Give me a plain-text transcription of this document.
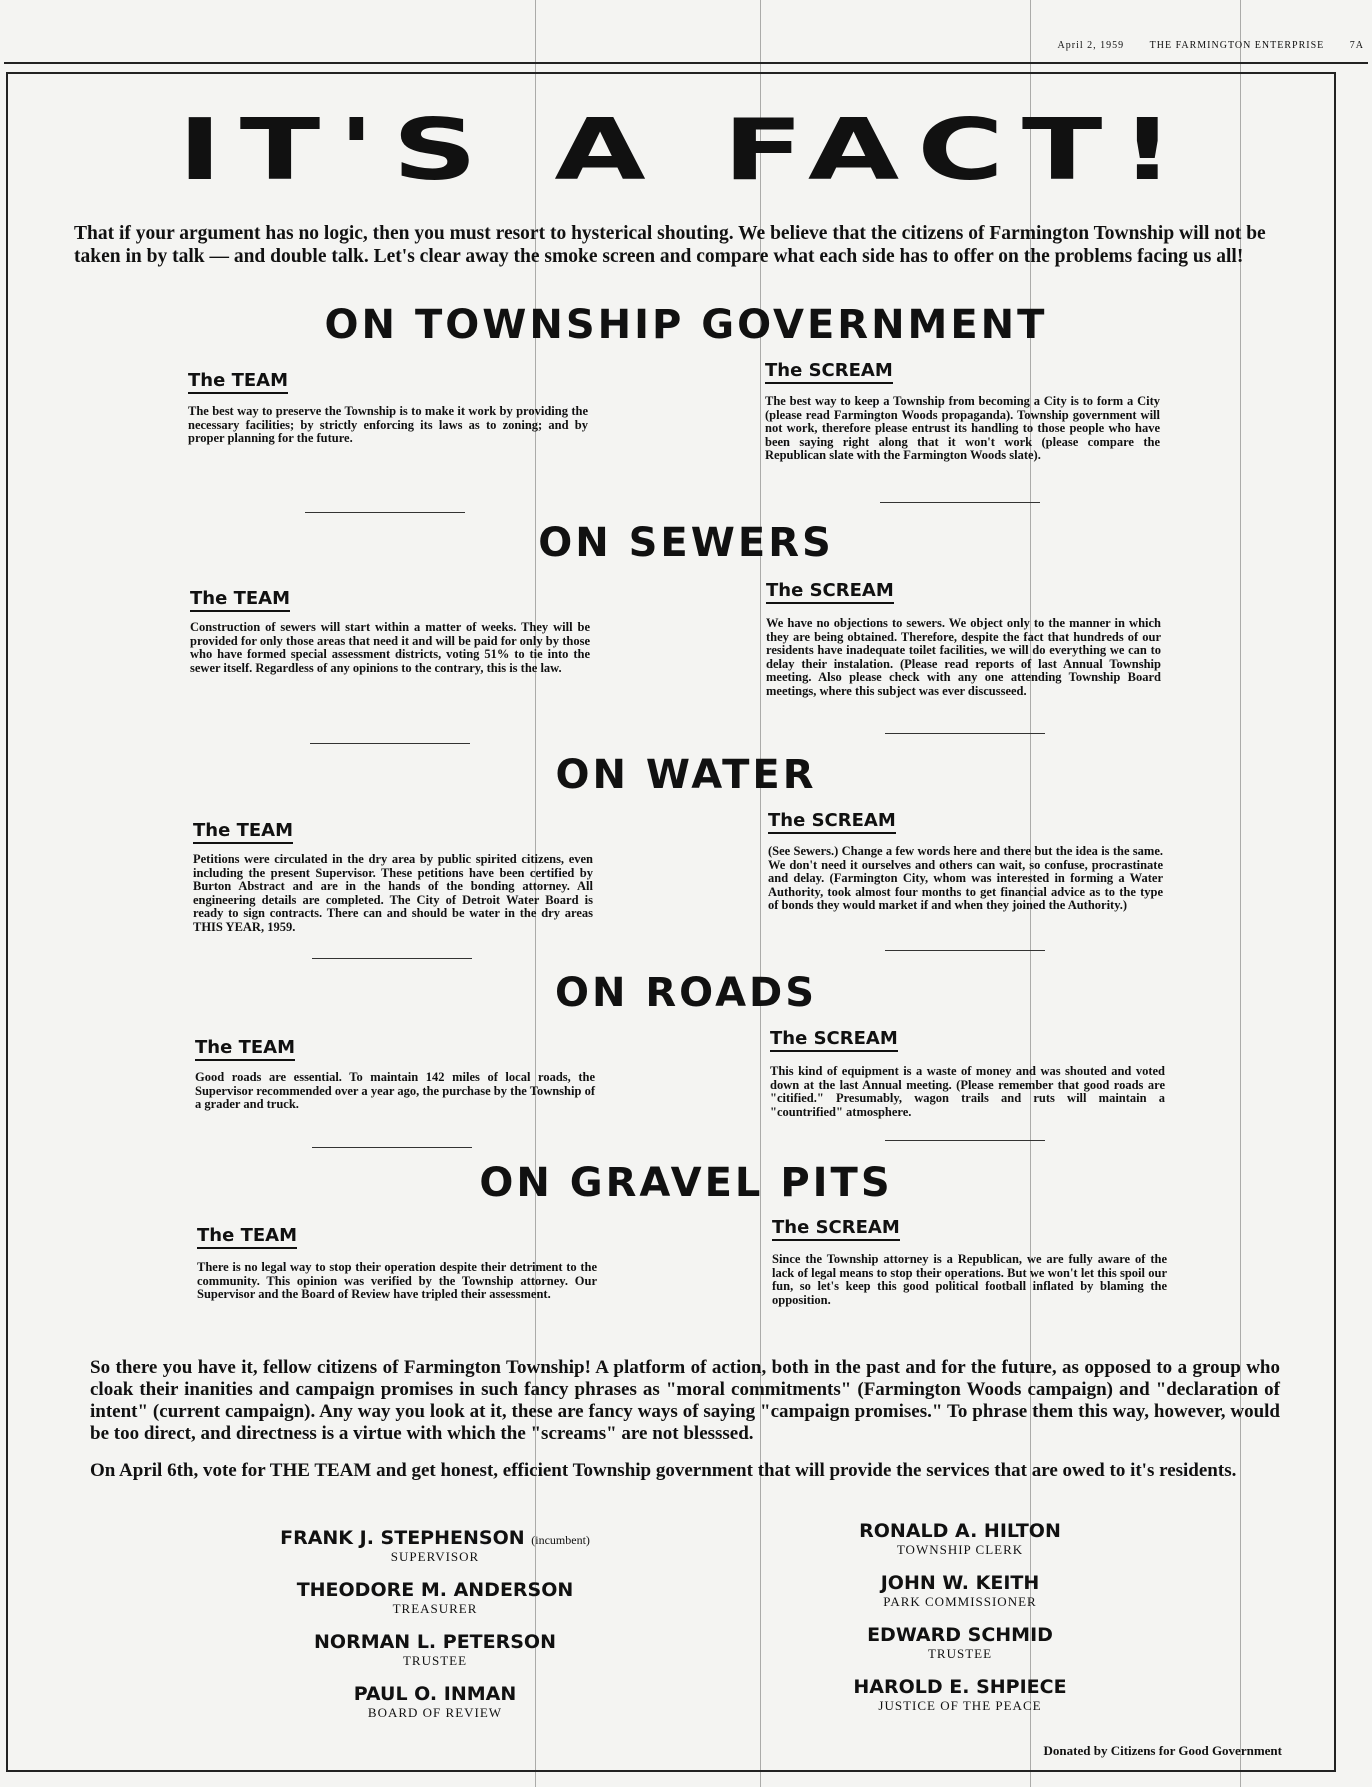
April 2, 1959	THE FARMINGTON ENTERPRISE	7A
IT'S A FACT!
That if your argument has no logic, then you must resort to hysterical shouting. We believe that the citizens of Farmington Township will not be taken in by talk — and double talk. Let's clear away the smoke screen and compare what each side has to offer on the problems facing us all!
ON TOWNSHIP GOVERNMENT
The TEAM
The best way to preserve the Township is to make it work by providing the necessary facilities; by strictly enforcing its laws as to zoning; and by proper planning for the future.
The SCREAM
The best way to keep a Township from becoming a City is to form a City (please read Farmington Woods propaganda). Township government will not work, therefore please entrust its handling to those people who have been saying right along that it won't work (please compare the Republican slate with the Farmington Woods slate).
ON SEWERS
The TEAM
Construction of sewers will start within a matter of weeks. They will be provided for only those areas that need it and will be paid for only by those who have formed special assessment districts, voting 51% to tie into the sewer itself. Regardless of any opinions to the contrary, this is the law.
The SCREAM
We have no objections to sewers. We object only to the manner in which they are being obtained. Therefore, despite the fact that hundreds of our residents have inadequate toilet facilities, we will do everything we can to delay their instalation. (Please read reports of last Annual Township meeting. Also please check with any one attending Township Board meetings, where this subject was ever discusseed.
ON WATER
The TEAM
Petitions were circulated in the dry area by public spirited citizens, even including the present Supervisor. These petitions have been certified by Burton Abstract and are in the hands of the bonding attorney. All engineering details are completed. The City of Detroit Water Board is ready to sign contracts. There can and should be water in the dry areas THIS YEAR, 1959.
The SCREAM
(See Sewers.) Change a few words here and there but the idea is the same. We don't need it ourselves and others can wait, so confuse, procrastinate and delay. (Farmington City, whom was interested in forming a Water Authority, took almost four months to get financial advice as to the type of bonds they would market if and when they joined the Authority.)
ON ROADS
The TEAM
Good roads are essential. To maintain 142 miles of local roads, the Supervisor recommended over a year ago, the purchase by the Township of a grader and truck.
The SCREAM
This kind of equipment is a waste of money and was shouted and voted down at the last Annual meeting. (Please remember that good roads are "citified." Presumably, wagon trails and ruts will maintain a "countrified" atmosphere.
ON GRAVEL PITS
The TEAM
There is no legal way to stop their operation despite their detriment to the community. This opinion was verified by the Township attorney. Our Supervisor and the Board of Review have tripled their assessment.
The SCREAM
Since the Township attorney is a Republican, we are fully aware of the lack of legal means to stop their operations. But we won't let this spoil our fun, so let's keep this good political football inflated by blaming the opposition.
So there you have it, fellow citizens of Farmington Township! A platform of action, both in the past and for the future, as opposed to a group who cloak their inanities and campaign promises in such fancy phrases as "moral commitments" (Farmington Woods campaign) and "declaration of intent" (current campaign). Any way you look at it, these are fancy ways of saying "campaign promises." To phrase them this way, however, would be too direct, and directness is a virtue with which the "screams" are not blesssed.
On April 6th, vote for THE TEAM and get honest, efficient Township government that will provide the services that are owed to it's residents.
FRANK J. STEPHENSON (incumbent)
SUPERVISOR
THEODORE M. ANDERSON
TREASURER
NORMAN L. PETERSON
TRUSTEE
PAUL O. INMAN
BOARD OF REVIEW
RONALD A. HILTON
TOWNSHIP CLERK
JOHN W. KEITH
PARK COMMISSIONER
EDWARD SCHMID
TRUSTEE
HAROLD E. SHPIECE
JUSTICE OF THE PEACE
Donated by Citizens for Good Government
